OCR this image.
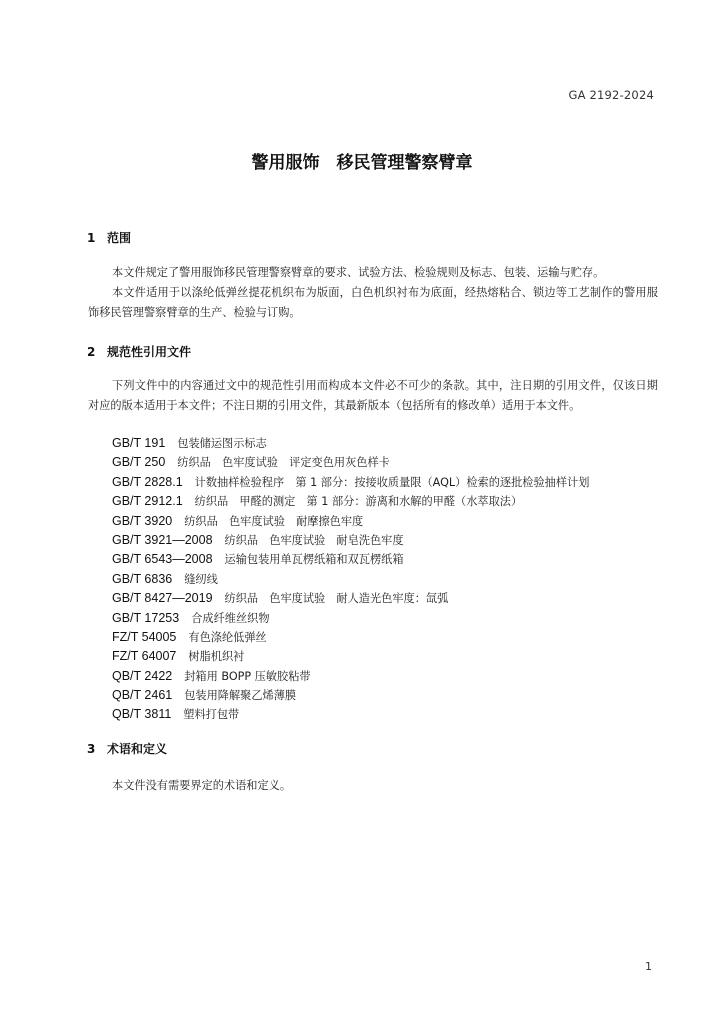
GA 2192-2024
警用服饰　移民管理警察臂章
1 范围
本文件规定了警用服饰移民管理警察臂章的要求、试验方法、检验规则及标志、包装、运输与贮存。
本文件适用于以涤纶低弹丝提花机织布为版面，白色机织衬布为底面，经热熔粘合、锁边等工艺制作的警用服饰移民管理警察臂章的生产、检验与订购。
2 规范性引用文件
下列文件中的内容通过文中的规范性引用而构成本文件必不可少的条款。其中，注日期的引用文件，仅该日期对应的版本适用于本文件；不注日期的引用文件，其最新版本（包括所有的修改单）适用于本文件。
GB/T 191 包装储运图示标志
GB/T 250 纺织品　色牢度试验　评定变色用灰色样卡
GB/T 2828.1 计数抽样检验程序　第 1 部分：按接收质量限（AQL）检索的逐批检验抽样计划
GB/T 2912.1 纺织品　甲醛的测定　第 1 部分：游离和水解的甲醛（水萃取法）
GB/T 3920 纺织品　色牢度试验　耐摩擦色牢度
GB/T 3921—2008 纺织品　色牢度试验　耐皂洗色牢度
GB/T 6543—2008 运输包装用单瓦楞纸箱和双瓦楞纸箱
GB/T 6836 缝纫线
GB/T 8427—2019 纺织品　色牢度试验　耐人造光色牢度：氙弧
GB/T 17253 合成纤维丝织物
FZ/T 54005 有色涤纶低弹丝
FZ/T 64007 树脂机织衬
QB/T 2422 封箱用 BOPP 压敏胶粘带
QB/T 2461 包装用降解聚乙烯薄膜
QB/T 3811 塑料打包带
3 术语和定义
本文件没有需要界定的术语和定义。
1
